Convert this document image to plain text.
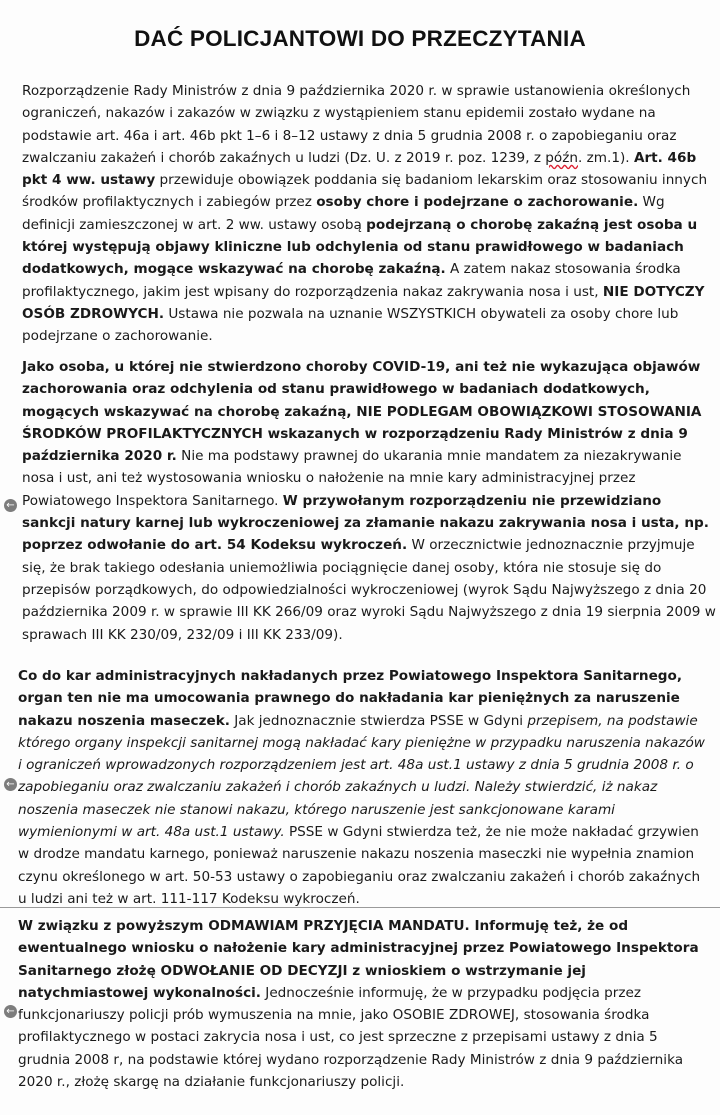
DAĆ POLICJANTOWI DO PRZECZYTANIA
Rozporządzenie Rady Ministrów z dnia 9 października 2020 r. w sprawie ustanowienia określonych ograniczeń, nakazów i zakazów w związku z wystąpieniem stanu epidemii zostało wydane na podstawie art. 46a i art. 46b pkt 1–6 i 8–12 ustawy z dnia 5 grudnia 2008 r. o zapobieganiu oraz zwalczaniu zakażeń i chorób zakaźnych u ludzi (Dz. U. z 2019 r. poz. 1239, z późn. zm.1). Art. 46b pkt 4 ww. ustawy przewiduje obowiązek poddania się badaniom lekarskim oraz stosowaniu innych środków profilaktycznych i zabiegów przez osoby chore i podejrzane o zachorowanie. Wg definicji zamieszczonej w art. 2 ww. ustawy osobą podejrzaną o chorobę zakaźną jest osoba u której występują objawy kliniczne lub odchylenia od stanu prawidłowego w badaniach dodatkowych, mogące wskazywać na chorobę zakaźną. A zatem nakaz stosowania środka profilaktycznego, jakim jest wpisany do rozporządzenia nakaz zakrywania nosa i ust, NIE DOTYCZY OSÓB ZDROWYCH. Ustawa nie pozwala na uznanie WSZYSTKICH obywateli za osoby chore lub podejrzane o zachorowanie.
Jako osoba, u której nie stwierdzono choroby COVID-19, ani też nie wykazująca objawów zachorowania oraz odchylenia od stanu prawidłowego w badaniach dodatkowych, mogących wskazywać na chorobę zakaźną, NIE PODLEGAM OBOWIĄZKOWI STOSOWANIA ŚRODKÓW PROFILAKTYCZNYCH wskazanych w rozporządzeniu Rady Ministrów z dnia 9 października 2020 r. Nie ma podstawy prawnej do ukarania mnie mandatem za niezakrywanie nosa i ust, ani też wystosowania wniosku o nałożenie na mnie kary administracyjnej przez Powiatowego Inspektora Sanitarnego. W przywołanym rozporządzeniu nie przewidziano sankcji natury karnej lub wykroczeniowej za złamanie nakazu zakrywania nosa i usta, np. poprzez odwołanie do art. 54 Kodeksu wykroczeń. W orzecznictwie jednoznacznie przyjmuje się, że brak takiego odesłania uniemożliwia pociągnięcie danej osoby, która nie stosuje się do przepisów porządkowych, do odpowiedzialności wykroczeniowej (wyrok Sądu Najwyższego z dnia 20 października 2009 r. w sprawie III KK 266/09 oraz wyroki Sądu Najwyższego z dnia 19 sierpnia 2009 w sprawach III KK 230/09, 232/09 i III KK 233/09).
Co do kar administracyjnych nakładanych przez Powiatowego Inspektora Sanitarnego, organ ten nie ma umocowania prawnego do nakładania kar pieniężnych za naruszenie nakazu noszenia maseczek. Jak jednoznacznie stwierdza PSSE w Gdyni przepisem, na podstawie którego organy inspekcji sanitarnej mogą nakładać kary pieniężne w przypadku naruszenia nakazów i ograniczeń wprowadzonych rozporządzeniem jest art. 48a ust.1 ustawy z dnia 5 grudnia 2008 r. o zapobieganiu oraz zwalczaniu zakażeń i chorób zakaźnych u ludzi. Należy stwierdzić, iż nakaz noszenia maseczek nie stanowi nakazu, którego naruszenie jest sankcjonowane karami wymienionymi w art. 48a ust.1 ustawy. PSSE w Gdyni stwierdza też, że nie może nakładać grzywien w drodze mandatu karnego, ponieważ naruszenie nakazu noszenia maseczki nie wypełnia znamion czynu określonego w art. 50-53 ustawy o zapobieganiu oraz zwalczaniu zakażeń i chorób zakaźnych u ludzi ani też w art. 111-117 Kodeksu wykroczeń.
W związku z powyższym ODMAWIAM PRZYJĘCIA MANDATU. Informuję też, że od ewentualnego wniosku o nałożenie kary administracyjnej przez Powiatowego Inspektora Sanitarnego złożę ODWOŁANIE OD DECYZJI z wnioskiem o wstrzymanie jej natychmiastowej wykonalności. Jednocześnie informuję, że w przypadku podjęcia przez funkcjonariuszy policji prób wymuszenia na mnie, jako OSOBIE ZDROWEJ, stosowania środka profilaktycznego w postaci zakrycia nosa i ust, co jest sprzeczne z przepisami ustawy z dnia 5 grudnia 2008 r, na podstawie której wydano rozporządzenie Rady Ministrów z dnia 9 października 2020 r., złożę skargę na działanie funkcjonariuszy policji.
←
←
←
